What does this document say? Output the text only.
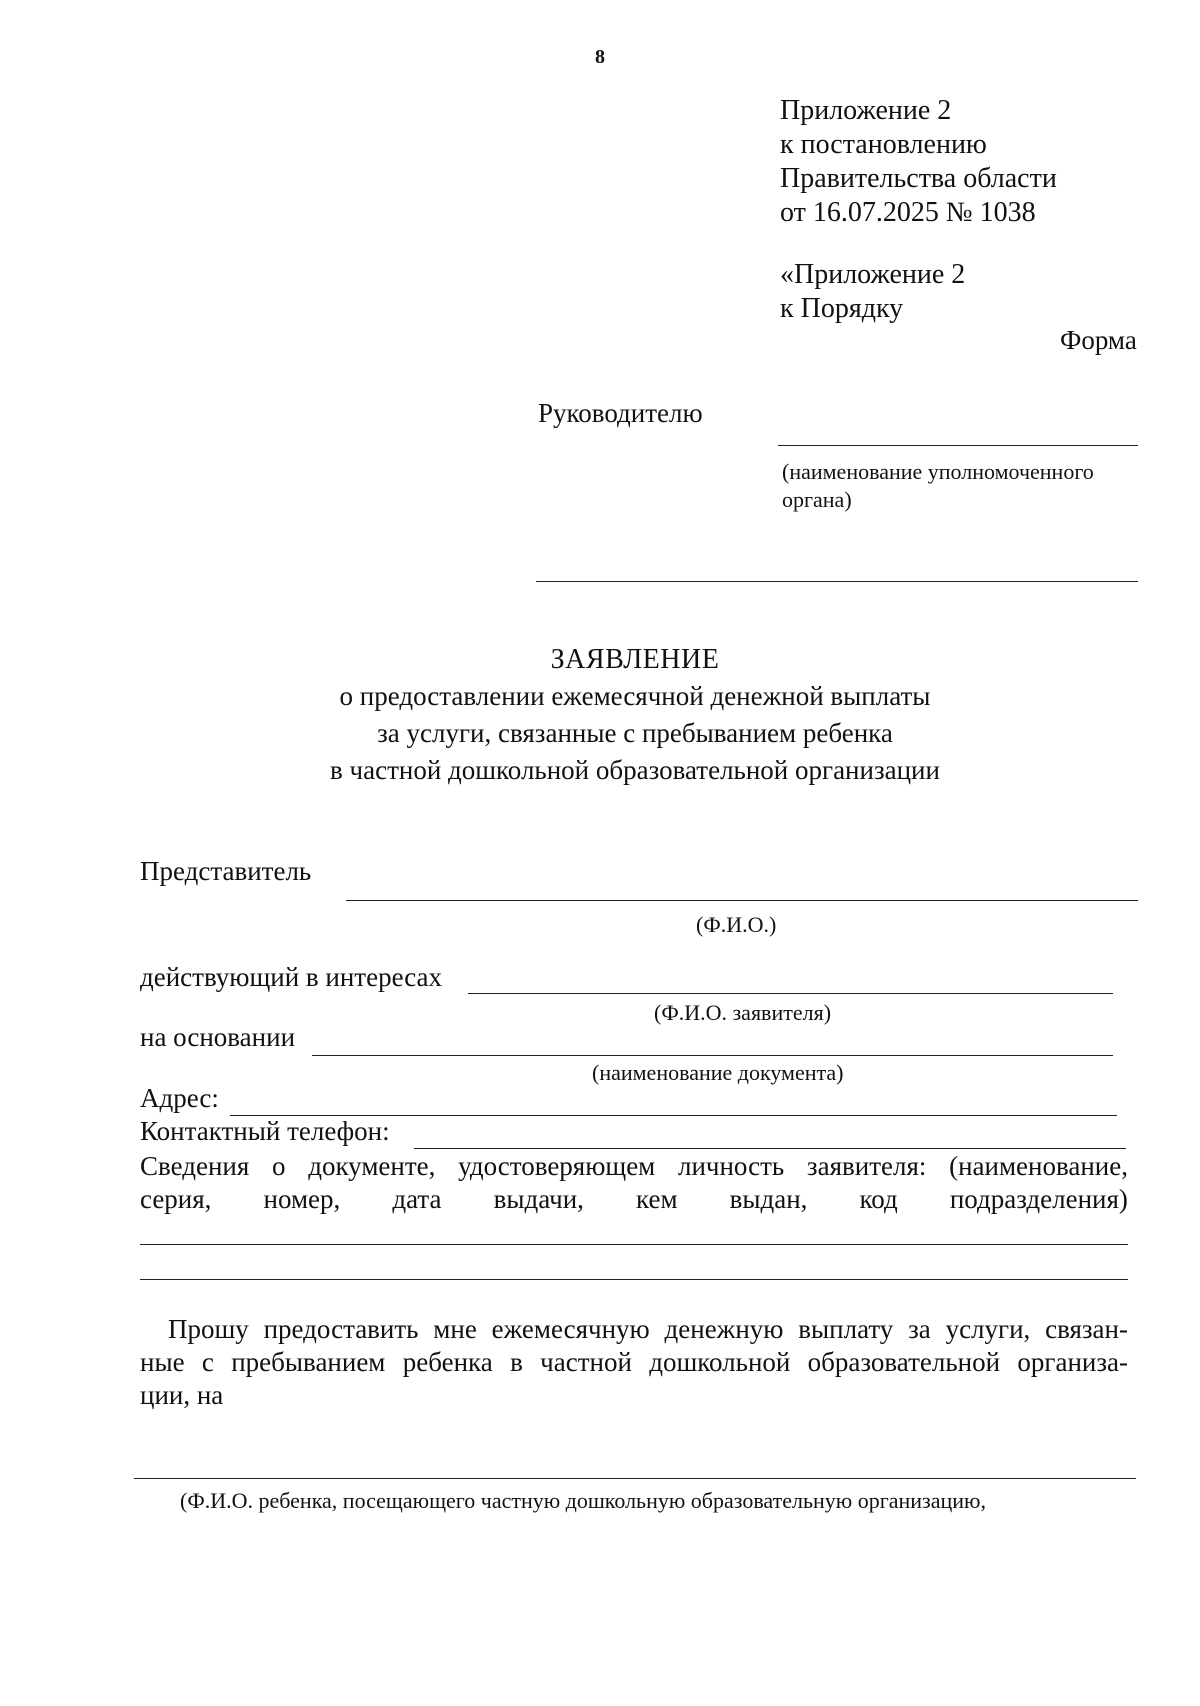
8
Приложение 2
к постановлению
Правительства области
от 16.07.2025 № 1038
«Приложение 2
к Порядку
Форма
Руководителю
(наименование уполномоченного
органа)
ЗАЯВЛЕНИЕ
о предоставлении ежемесячной денежной выплаты
за услуги, связанные с пребыванием ребенка
в частной дошкольной образовательной организации
Представитель
(Ф.И.О.)
действующий в интересах
(Ф.И.О. заявителя)
на основании
(наименование документа)
Адрес:
Контактный телефон:
Сведения о документе, удостоверяющем личность заявителя: (наименование,
серия, номер, дата выдачи, кем выдан, код подразделения)
Прошу предоставить мне ежемесячную денежную выплату за услуги, связан-
ные с пребыванием ребенка в частной дошкольной образовательной организа-
ции, на
(Ф.И.О. ребенка, посещающего частную дошкольную образовательную организацию,
